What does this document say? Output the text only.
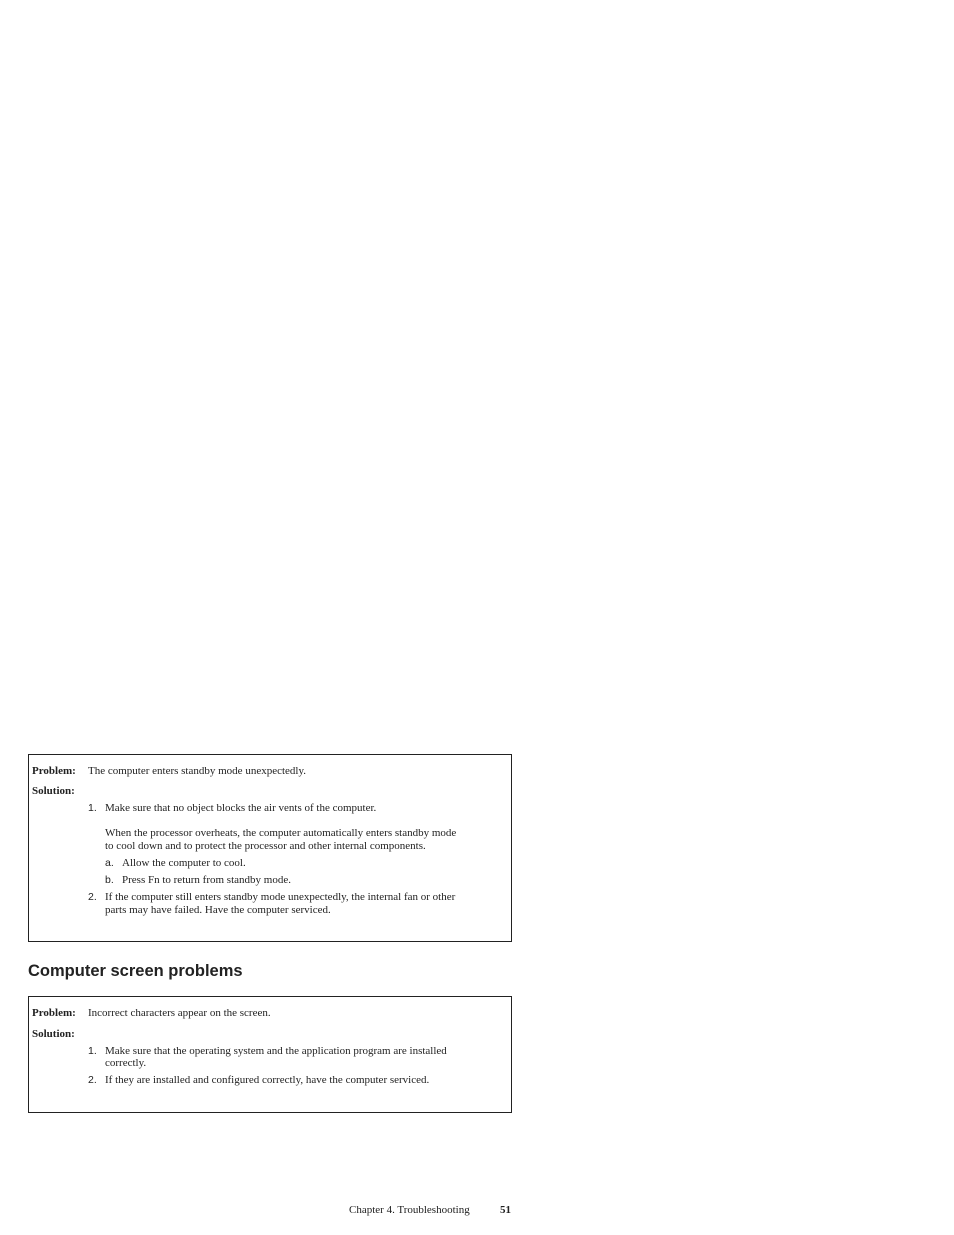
Problem: The computer enters standby mode unexpectedly.
Solution:
1. Make sure that no object blocks the air vents of the computer.
When the processor overheats, the computer automatically enters standby mode
to cool down and to protect the processor and other internal components.
a. Allow the computer to cool.
b. Press Fn to return from standby mode.
2. If the computer still enters standby mode unexpectedly, the internal fan or other
parts may have failed. Have the computer serviced.
Computer screen problems
Problem: Incorrect characters appear on the screen.
Solution:
1. Make sure that the operating system and the application program are installed
correctly.
2. If they are installed and configured correctly, have the computer serviced.
Chapter 4. Troubleshooting	51
